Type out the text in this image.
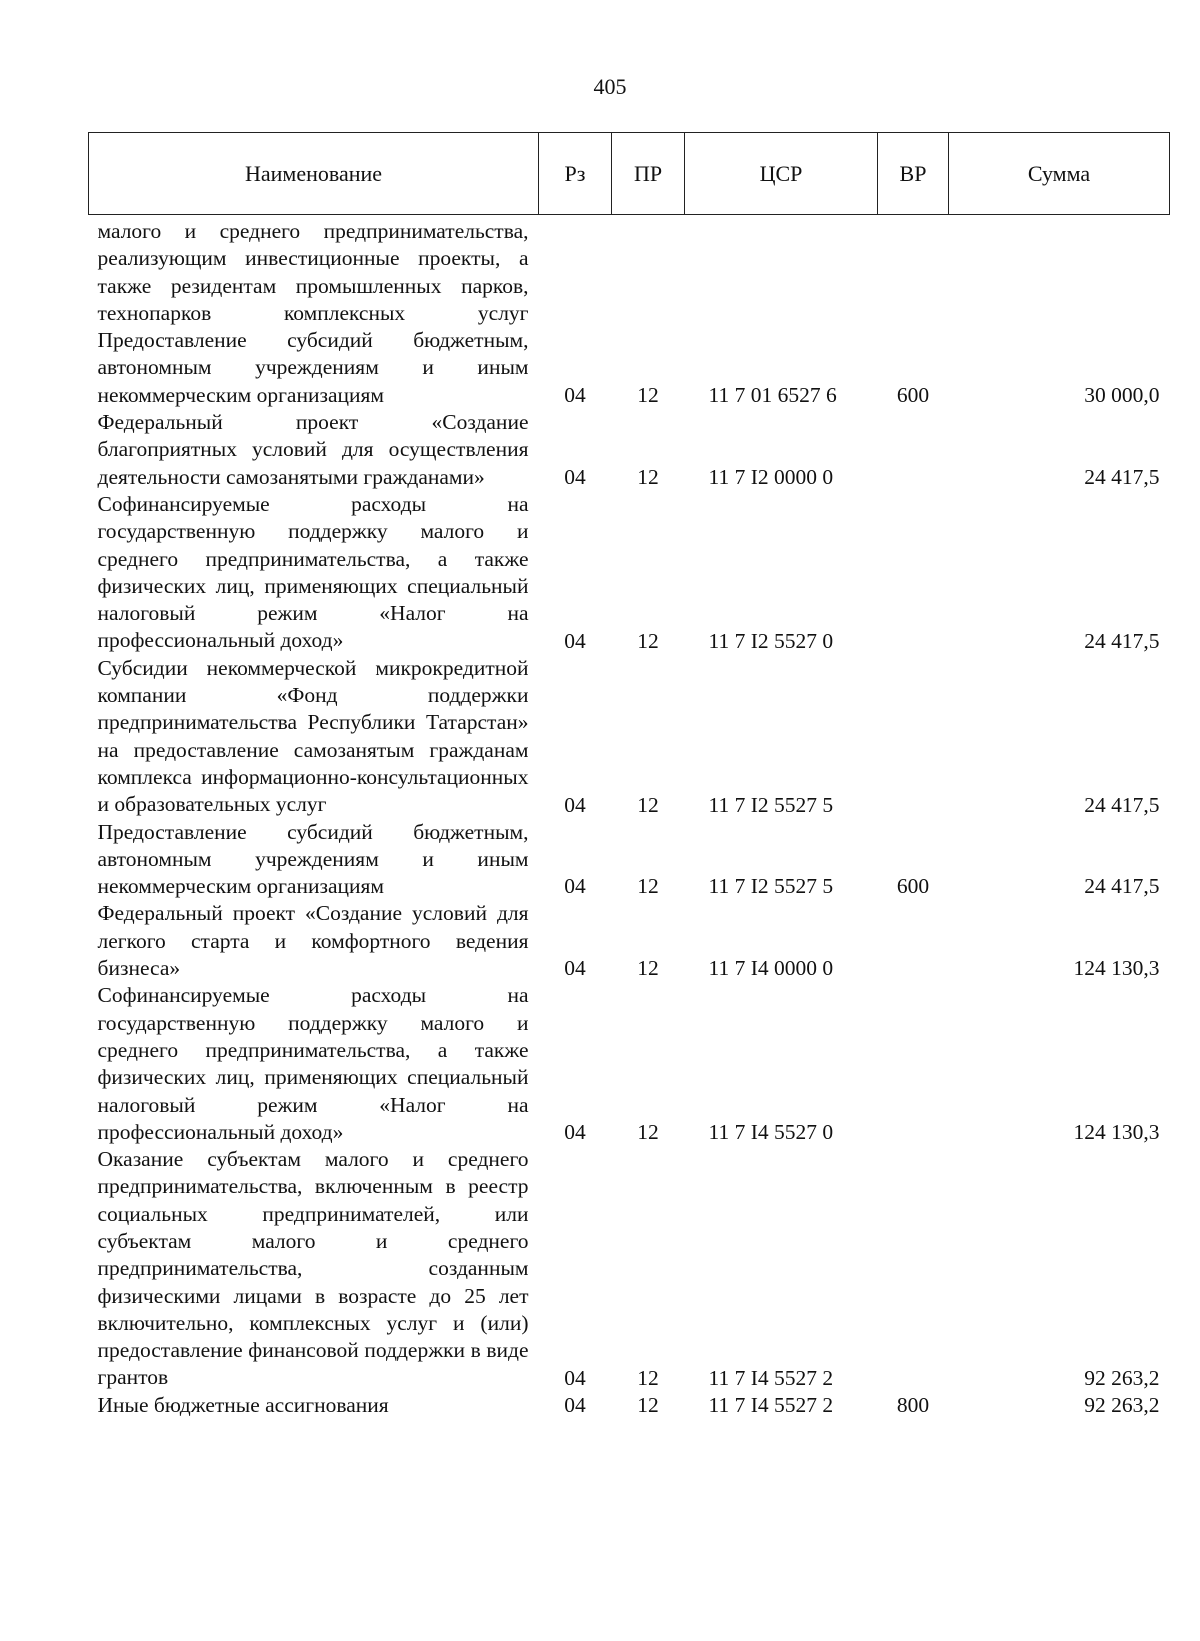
405
Наименование	Рз	ПР	ЦСР	ВР	Сумма
малого и среднего предпринимательства, реализующим инвестиционные проекты, а также резидентам промышленных парков, технопарков комплексных услуг					
Предоставление субсидий бюджетным, автономным учреждениям и иным некоммерческим организациям	04	12	11 7 01 6527 6	600	30 000,0
Федеральный проект «Создание благоприятных условий для осуществления деятельности самозанятыми гражданами»	04	12	11 7 I2 0000 0		24 417,5
Софинансируемые расходы на государственную поддержку малого и среднего предпринимательства, а также физических лиц, применяющих специальный налоговый режим «Налог на профессиональный доход»	04	12	11 7 I2 5527 0		24 417,5
Субсидии некоммерческой микрокредитной компании «Фонд поддержки предпринимательства Республики Татарстан» на предоставление самозанятым гражданам комплекса информационно-консультационных и образовательных услуг	04	12	11 7 I2 5527 5		24 417,5
Предоставление субсидий бюджетным, автономным учреждениям и иным некоммерческим организациям	04	12	11 7 I2 5527 5	600	24 417,5
Федеральный проект «Создание условий для легкого старта и комфортного ведения бизнеса»	04	12	11 7 I4 0000 0		124 130,3
Софинансируемые расходы на государственную поддержку малого и среднего предпринимательства, а также физических лиц, применяющих специальный налоговый режим «Налог на профессиональный доход»	04	12	11 7 I4 5527 0		124 130,3
Оказание субъектам малого и среднего предпринимательства, включенным в реестр социальных предпринимателей, или субъектам малого и среднего предпринимательства, созданным физическими лицами в возрасте до 25 лет включительно, комплексных услуг и (или) предоставление финансовой поддержки в виде грантов	04	12	11 7 I4 5527 2		92 263,2
Иные бюджетные ассигнования	04	12	11 7 I4 5527 2	800	92 263,2
